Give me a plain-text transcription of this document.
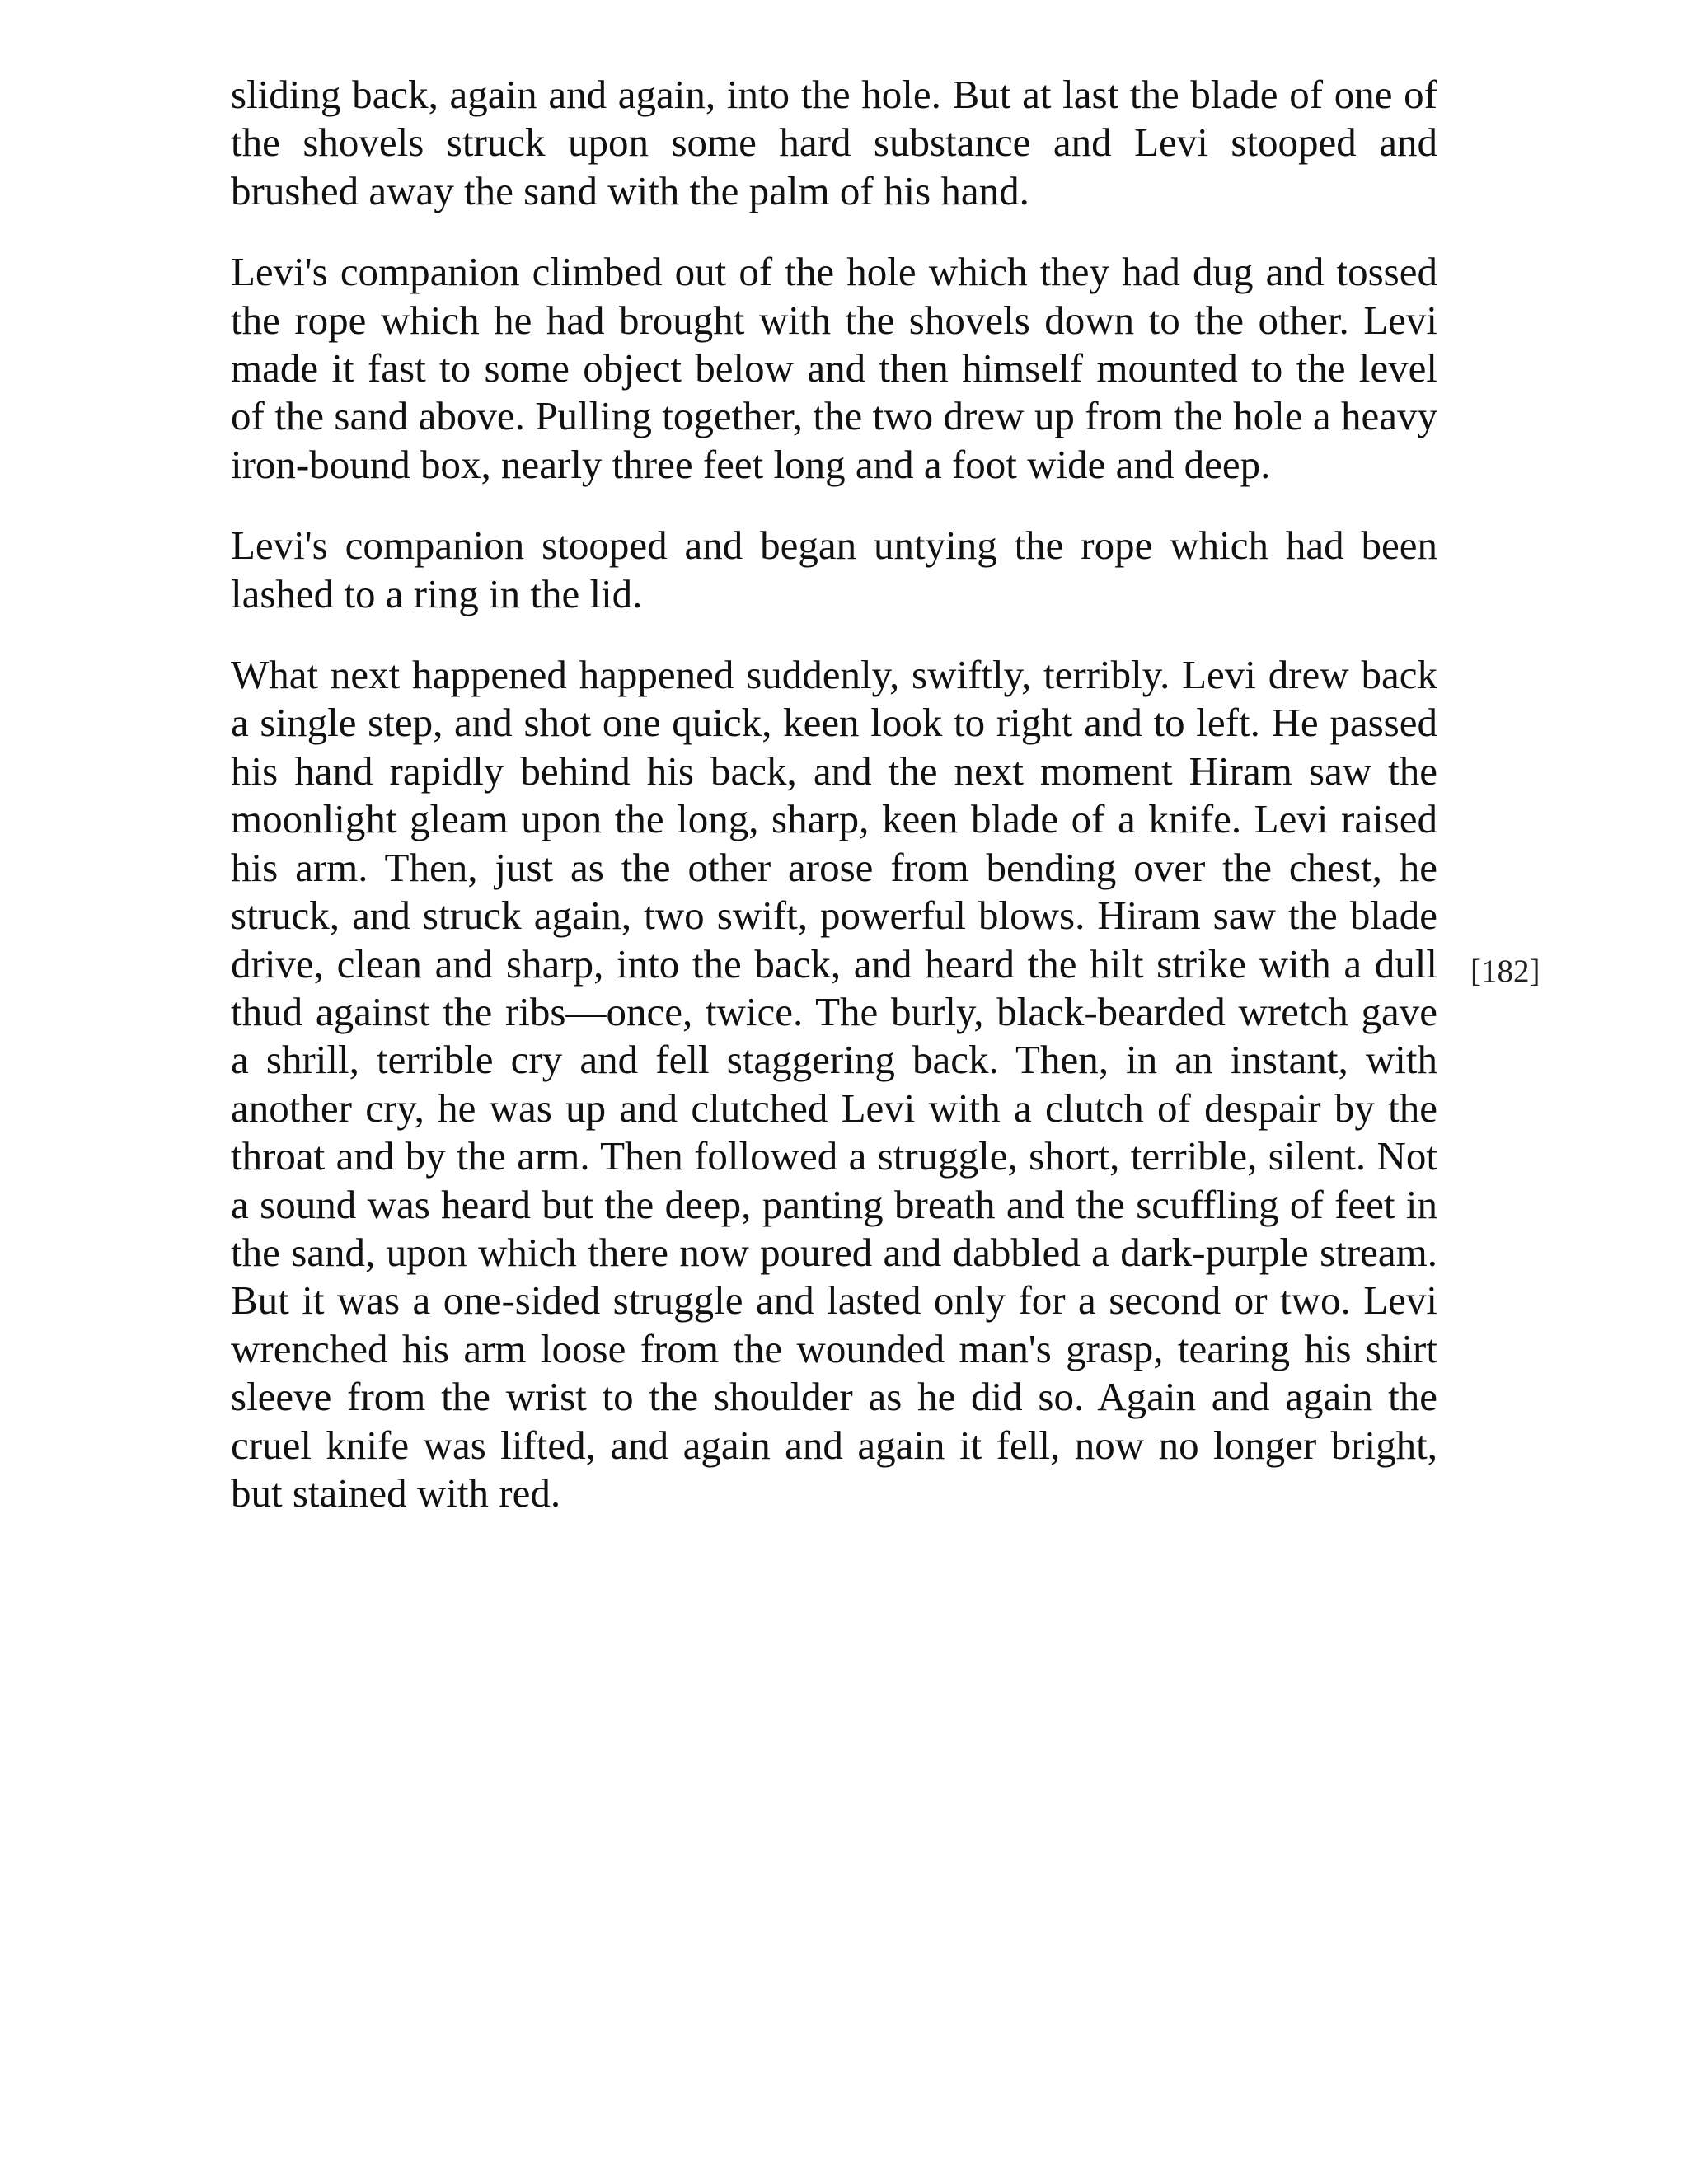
sliding back, again and again, into the hole. But at last the blade of one of the shovels struck upon some hard substance and Levi stooped and brushed away the sand with the palm of his hand.

Levi's companion climbed out of the hole which they had dug and tossed the rope which he had brought with the shovels down to the other. Levi made it fast to some object below and then himself mounted to the level of the sand above. Pulling together, the two drew up from the hole a heavy iron-bound box, nearly three feet long and a foot wide and deep.

Levi's companion stooped and began untying the rope which had been lashed to a ring in the lid.

What next happened happened suddenly, swiftly, terribly. Levi drew back a single step, and shot one quick, keen look to right and to left. He passed his hand rapidly behind his back, and the next moment Hiram saw the moonlight gleam upon the long, sharp, keen blade of a knife. Levi raised his arm. Then, just as the other arose from bending over the chest, he struck, and struck again, two swift, powerful blows. Hiram saw the blade drive, clean and sharp, into the back, and heard the hilt strike with a dull thud against the ribs—once, twice. The burly, black-bearded wretch gave a shrill, terrible cry and fell staggering back. Then, in an instant, with another cry, he was up and clutched Levi with a clutch of despair by the throat and by the arm. Then followed a struggle, short, terrible, silent. Not a sound was heard but the deep, panting breath and the scuffling of feet in the sand, upon which there now poured and dabbled a dark-purple stream. But it was a one-sided struggle and lasted only for a second or two. Levi wrenched his arm loose from the wounded man's grasp, tearing his shirt sleeve from the wrist to the shoulder as he did so. Again and again the cruel knife was lifted, and again and again it fell, now no longer bright, but stained with red.

[182]
